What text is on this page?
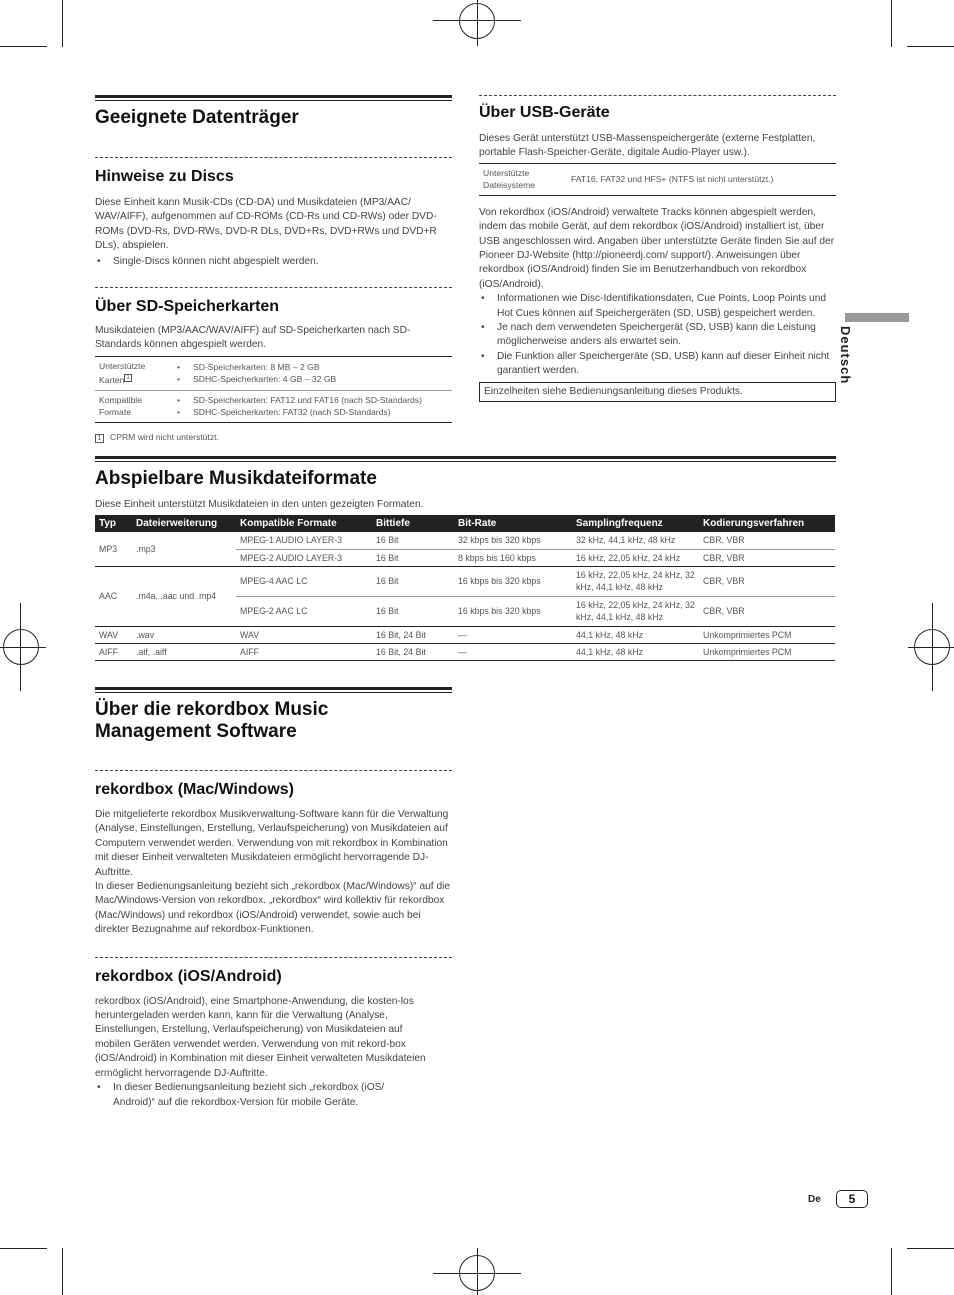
Geeignete Datenträger
Hinweise zu Discs
Diese Einheit kann Musik-CDs (CD-DA) und Musikdateien (MP3/AAC/ WAV/AIFF), aufgenommen auf CD-ROMs (CD-Rs und CD-RWs) oder DVD-ROMs (DVD-Rs, DVD-RWs, DVD-R DLs, DVD+Rs, DVD+RWs und DVD+R DLs), abspielen.
• Single-Discs können nicht abgespielt werden.
Über SD-Speicherkarten
Musikdateien (MP3/AAC/WAV/AIFF) auf SD-Speicherkarten nach SD-Standards können abgespielt werden.
Unterstützte Karten $^1$	• SD-Speicherkarten: 8 MB – 2 GB
• SDHC-Speicherkarten: 4 GB – 32 GB

Kompatible Formate	• SD-Speicherkarten: FAT12 und FAT16 (nach SD-Standards)
• SDHC-Speicherkarten: FAT32 (nach SD-Standards)
1 CPRM wird nicht unterstützt.
Über USB-Geräte
Dieses Gerät unterstützt USB-Massenspeichergeräte (externe Festplatten, portable Flash-Speicher-Geräte, digitale Audio-Player usw.).
Unterstützte Dateisysteme	FAT16, FAT32 und HFS+ (NTFS ist nicht unterstützt.)
Von rekordbox (iOS/Android) verwaltete Tracks können abgespielt werden, indem das mobile Gerät, auf dem rekordbox (iOS/Android) installiert ist, über USB angeschlossen wird. Angaben über unterstützte Geräte finden Sie auf der Pioneer DJ-Website (http://pioneerdj.com/ support/). Anweisungen über rekordbox (iOS/Android) finden Sie im Benutzerhandbuch von rekordbox (iOS/Android).
• Informationen wie Disc-Identifikationsdaten, Cue Points, Loop Points und Hot Cues können auf Speichergeräten (SD, USB) gespeichert werden.
• Je nach dem verwendeten Speichergerät (SD, USB) kann die Leistung möglicherweise anders als erwartet sein.
• Die Funktion aller Speichergeräte (SD, USB) kann auf dieser Einheit nicht garantiert werden.
Einzelheiten siehe Bedienungsanleitung dieses Produkts.
Deutsch
Abspielbare Musikdateiformate
Diese Einheit unterstützt Musikdateien in den unten gezeigten Formaten.
Typ	Dateierweiterung	Kompatible Formate	Bittiefe	Bit-Rate	Samplingfrequenz	Kodierungsverfahren
MP3	.mp3	MPEG-1 AUDIO LAYER-3	16 Bit	32 kbps bis 320 kbps	32 kHz, 44,1 kHz, 48 kHz	CBR, VBR
		MPEG-2 AUDIO LAYER-3	16 Bit	8 kbps bis 160 kbps	16 kHz, 22,05 kHz, 24 kHz	CBR, VBR
AAC	.m4a, .aac und .mp4	MPEG-4 AAC LC	16 Bit	16 kbps bis 320 kbps	16 kHz, 22,05 kHz, 24 kHz, 32 kHz, 44,1 kHz, 48 kHz	CBR, VBR
		MPEG-2 AAC LC	16 Bit	16 kbps bis 320 kbps	16 kHz, 22,05 kHz, 24 kHz, 32 kHz, 44,1 kHz, 48 kHz	CBR, VBR
WAV	.wav	WAV	16 Bit, 24 Bit	—	44,1 kHz, 48 kHz	Unkomprimiertes PCM
AIFF	.aif, .aiff	AIFF	16 Bit, 24 Bit	—	44,1 kHz, 48 kHz	Unkomprimiertes PCM
Über die rekordbox Music
Management Software
rekordbox (Mac/Windows)
Die mitgelieferte rekordbox Musikverwaltung-Software kann für die Verwaltung (Analyse, Einstellungen, Erstellung, Verlaufspeicherung) von Musikdateien auf Computern verwendet werden. Verwendung von mit rekordbox in Kombination mit dieser Einheit verwalteten Musikdateien ermöglicht hervorragende DJ-Auftritte.
In dieser Bedienungsanleitung bezieht sich „rekordbox (Mac/Windows)“ auf die Mac/Windows-Version von rekordbox. „rekordbox“ wird kollektiv für rekordbox (Mac/Windows) und rekordbox (iOS/Android) verwendet, sowie auch bei direkter Bezugnahme auf rekordbox-Funktionen.
rekordbox (iOS/Android)
rekordbox (iOS/Android), eine Smartphone-Anwendung, die kosten-los heruntergeladen werden kann, kann für die Verwaltung (Analyse, Einstellungen, Erstellung, Verlaufspeicherung) von Musikdateien auf mobilen Geräten verwendet werden. Verwendung von mit rekord-box (iOS/Android) in Kombination mit dieser Einheit verwalteten Musikdateien ermöglicht hervorragende DJ-Auftritte.
• In dieser Bedienungsanleitung bezieht sich „rekordbox (iOS/ Android)“ auf die rekordbox-Version für mobile Geräte.
De	5
